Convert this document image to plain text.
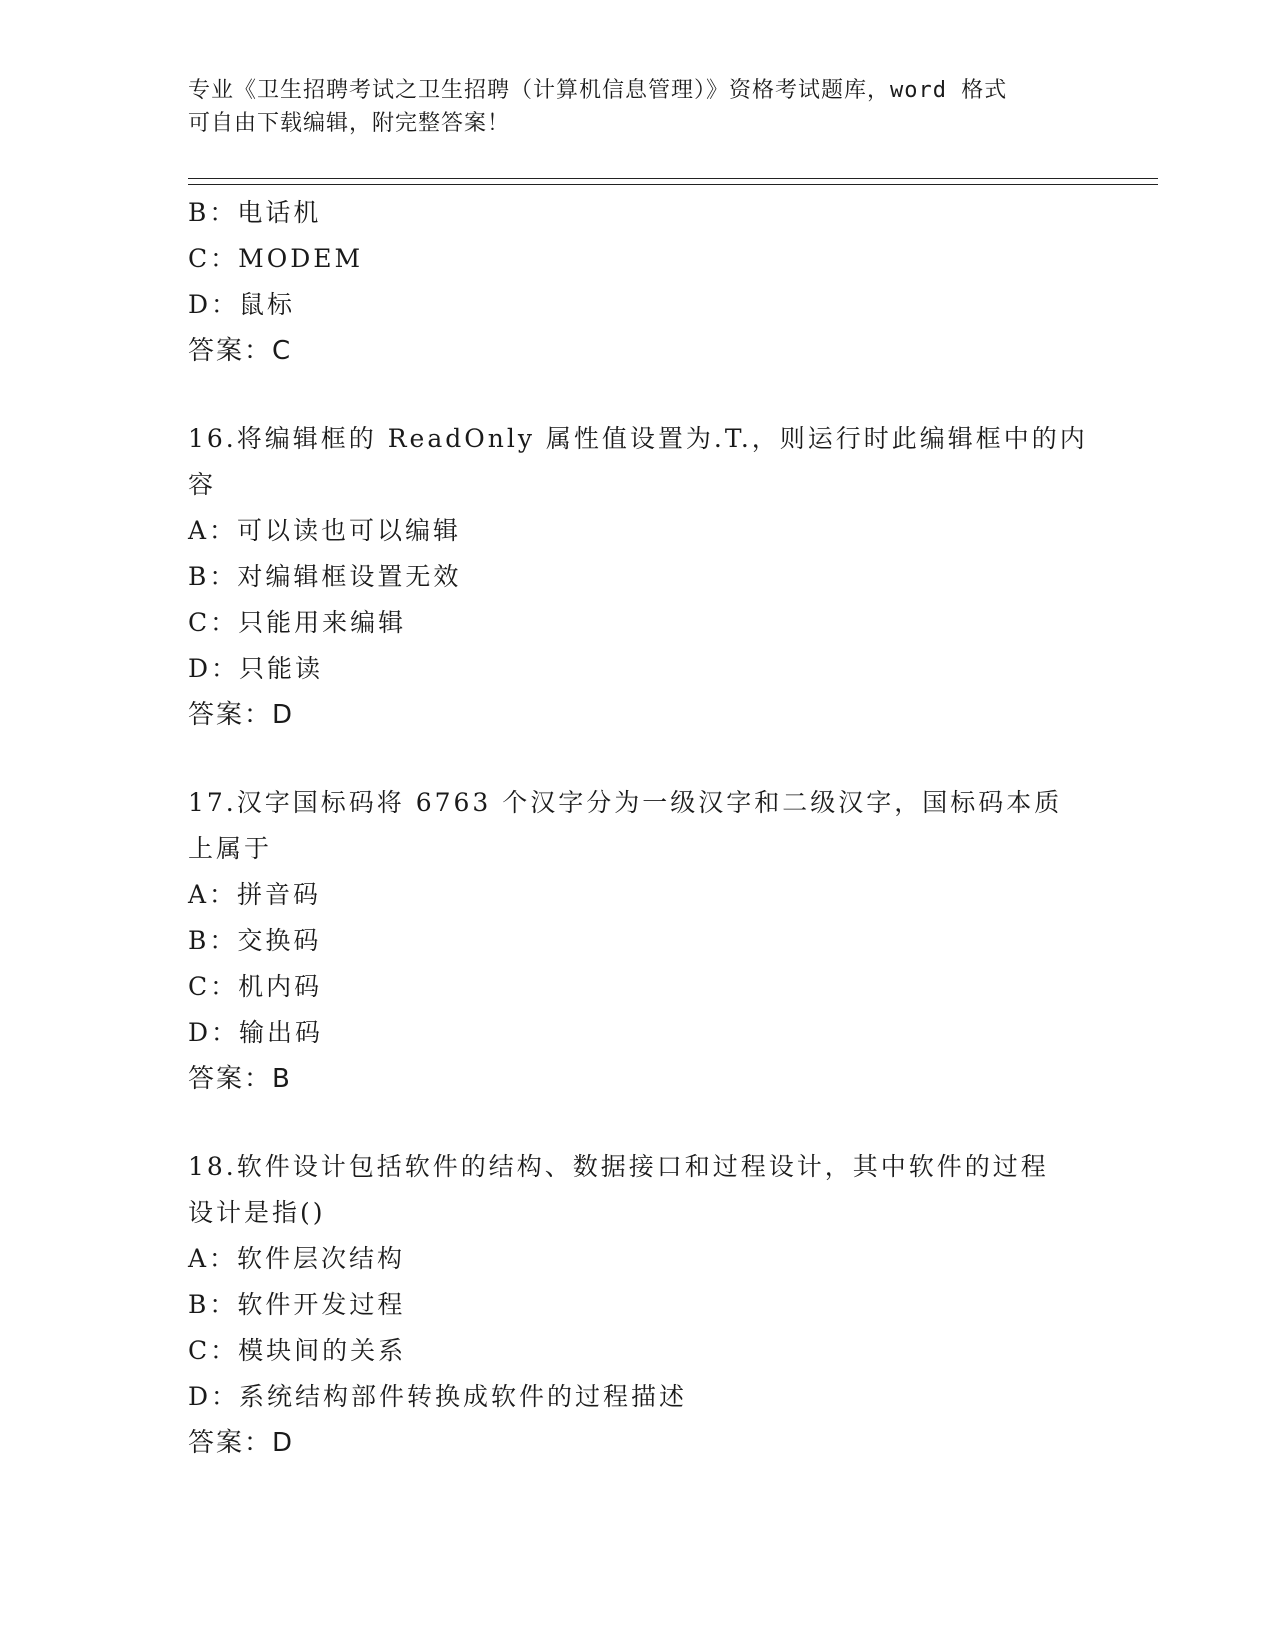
专业《卫生招聘考试之卫生招聘（计算机信息管理）》资格考试题库，word 格式
可自由下载编辑，附完整答案！
B：电话机
C：MODEM
D：鼠标
答案：C
16.将编辑框的 ReadOnly 属性值设置为.T.，则运行时此编辑框中的内
容
A：可以读也可以编辑
B：对编辑框设置无效
C：只能用来编辑
D：只能读
答案：D
17.汉字国标码将 6763 个汉字分为一级汉字和二级汉字，国标码本质
上属于
A：拼音码
B：交换码
C：机内码
D：输出码
答案：B
18.软件设计包括软件的结构、数据接口和过程设计，其中软件的过程
设计是指()
A：软件层次结构
B：软件开发过程
C：模块间的关系
D：系统结构部件转换成软件的过程描述
答案：D
